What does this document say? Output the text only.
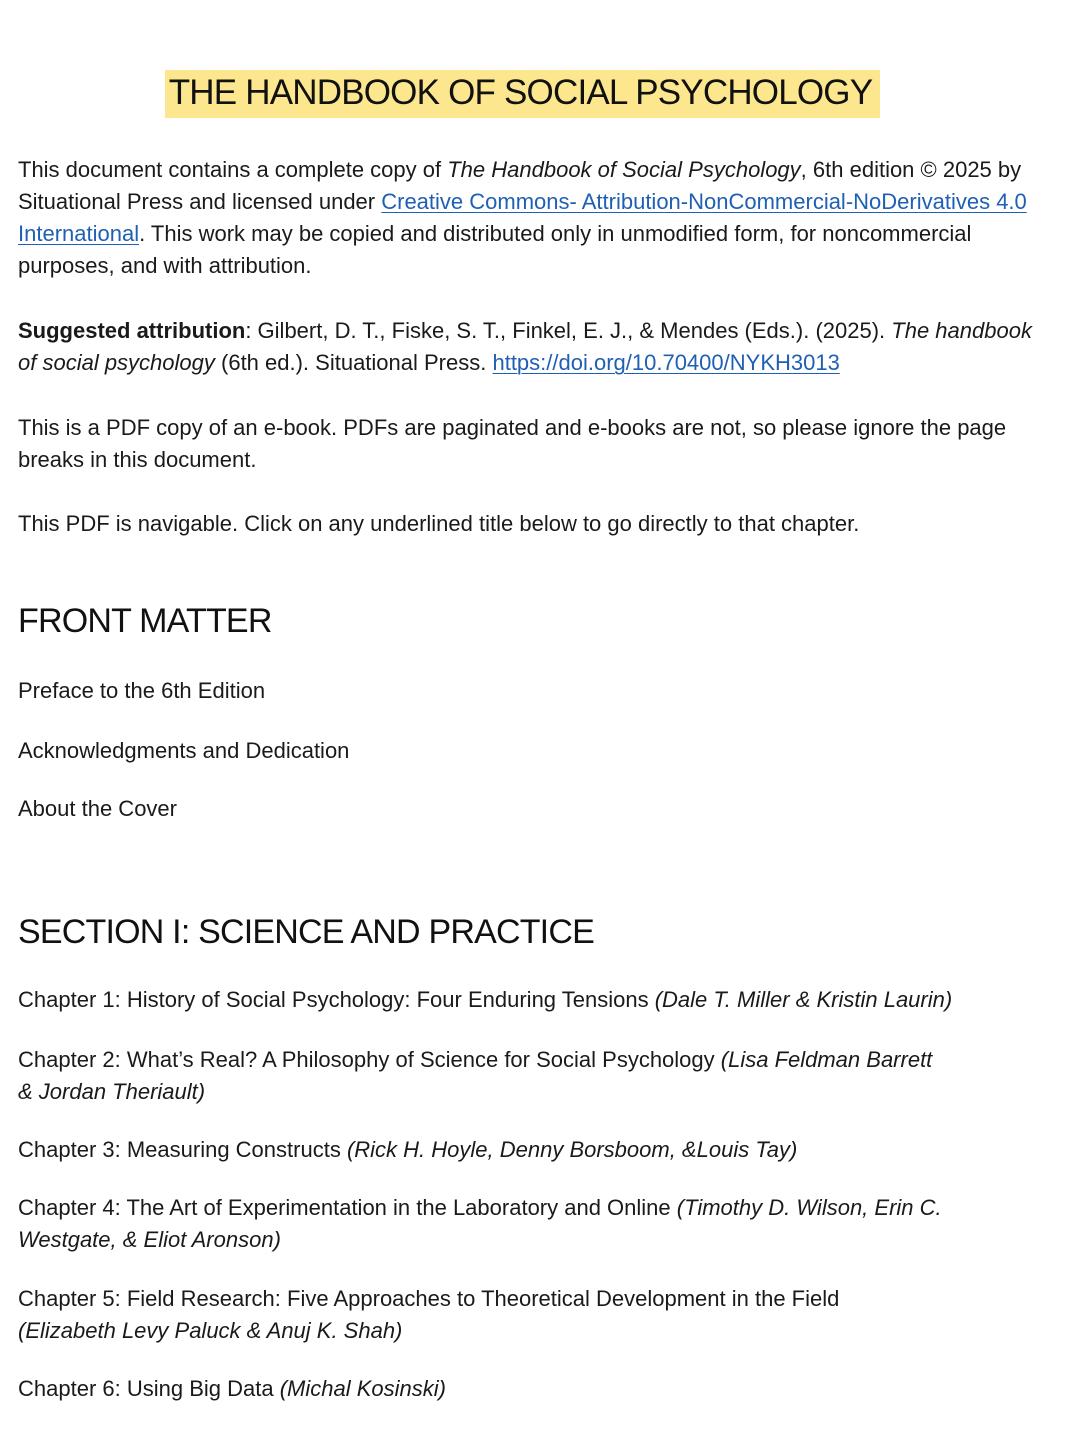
THE HANDBOOK OF SOCIAL PSYCHOLOGY

This document contains a complete copy of The Handbook of Social Psychology, 6th edition © 2025 by Situational Press and licensed under Creative Commons- Attribution-NonCommercial-NoDerivatives 4.0 International. This work may be copied and distributed only in unmodified form, for noncommercial purposes, and with attribution.

Suggested attribution: Gilbert, D. T., Fiske, S. T., Finkel, E. J., & Mendes (Eds.). (2025). The handbook of social psychology (6th ed.). Situational Press. https://doi.org/10.70400/NYKH3013

This is a PDF copy of an e-book. PDFs are paginated and e-books are not, so please ignore the page breaks in this document.

This PDF is navigable. Click on any underlined title below to go directly to that chapter.

FRONT MATTER
Preface to the 6th Edition
Acknowledgments and Dedication
About the Cover
SECTION I: SCIENCE AND PRACTICE
Chapter 1: History of Social Psychology: Four Enduring Tensions (Dale T. Miller & Kristin Laurin)
Chapter 2: What’s Real? A Philosophy of Science for Social Psychology (Lisa Feldman Barrett & Jordan Theriault)
Chapter 3: Measuring Constructs (Rick H. Hoyle, Denny Borsboom, &Louis Tay)
Chapter 4: The Art of Experimentation in the Laboratory and Online (Timothy D. Wilson, Erin C. Westgate, & Eliot Aronson)
Chapter 5: Field Research: Five Approaches to Theoretical Development in the Field (Elizabeth Levy Paluck & Anuj K. Shah)
Chapter 6: Using Big Data (Michal Kosinski)
